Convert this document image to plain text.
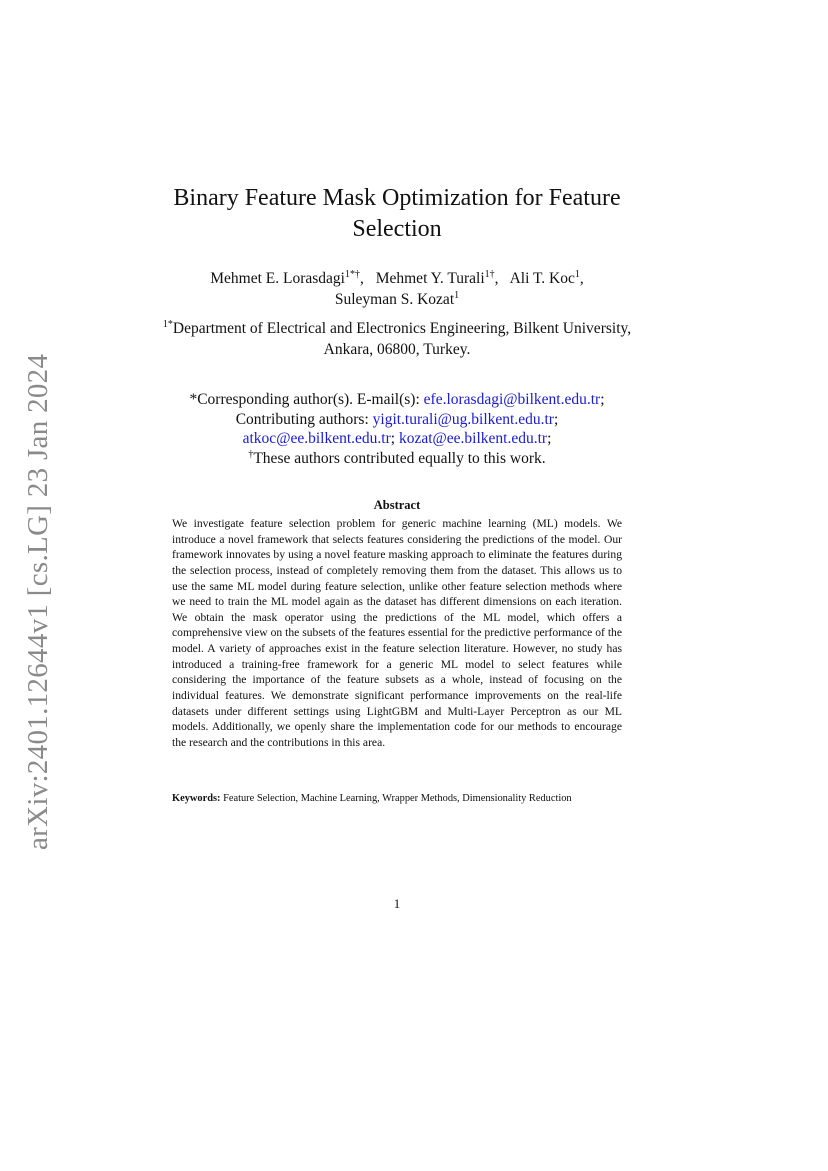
arXiv:2401.12644v1 [cs.LG] 23 Jan 2024
Binary Feature Mask Optimization for Feature Selection
Mehmet E. Lorasdagi$^{1*\dagger}$, Mehmet Y. Turali$^{1\dagger}$, Ali T. Koc$^1$,
Suleyman S. Kozat$^1$
$^{1*}$Department of Electrical and Electronics Engineering, Bilkent University, Ankara, 06800, Turkey.
*Corresponding author(s). E-mail(s): efe.lorasdagi@bilkent.edu.tr;
Contributing authors: yigit.turali@ug.bilkent.edu.tr;
atkoc@ee.bilkent.edu.tr; kozat@ee.bilkent.edu.tr;
†These authors contributed equally to this work.
Abstract
We investigate feature selection problem for generic machine learning (ML) models. We introduce a novel framework that selects features considering the predictions of the model. Our framework innovates by using a novel feature masking approach to eliminate the features during the selection process, instead of completely removing them from the dataset. This allows us to use the same ML model during feature selection, unlike other feature selection methods where we need to train the ML model again as the dataset has different dimensions on each iteration. We obtain the mask operator using the predictions of the ML model, which offers a comprehensive view on the subsets of the features essential for the predictive performance of the model. A variety of approaches exist in the feature selection literature. However, no study has introduced a training-free framework for a generic ML model to select features while considering the importance of the feature subsets as a whole, instead of focusing on the individual features. We demonstrate significant performance improvements on the real-life datasets under different settings using LightGBM and Multi-Layer Perceptron as our ML models. Additionally, we openly share the implementation code for our methods to encourage the research and the contributions in this area.
Keywords: Feature Selection, Machine Learning, Wrapper Methods, Dimensionality Reduction
1
